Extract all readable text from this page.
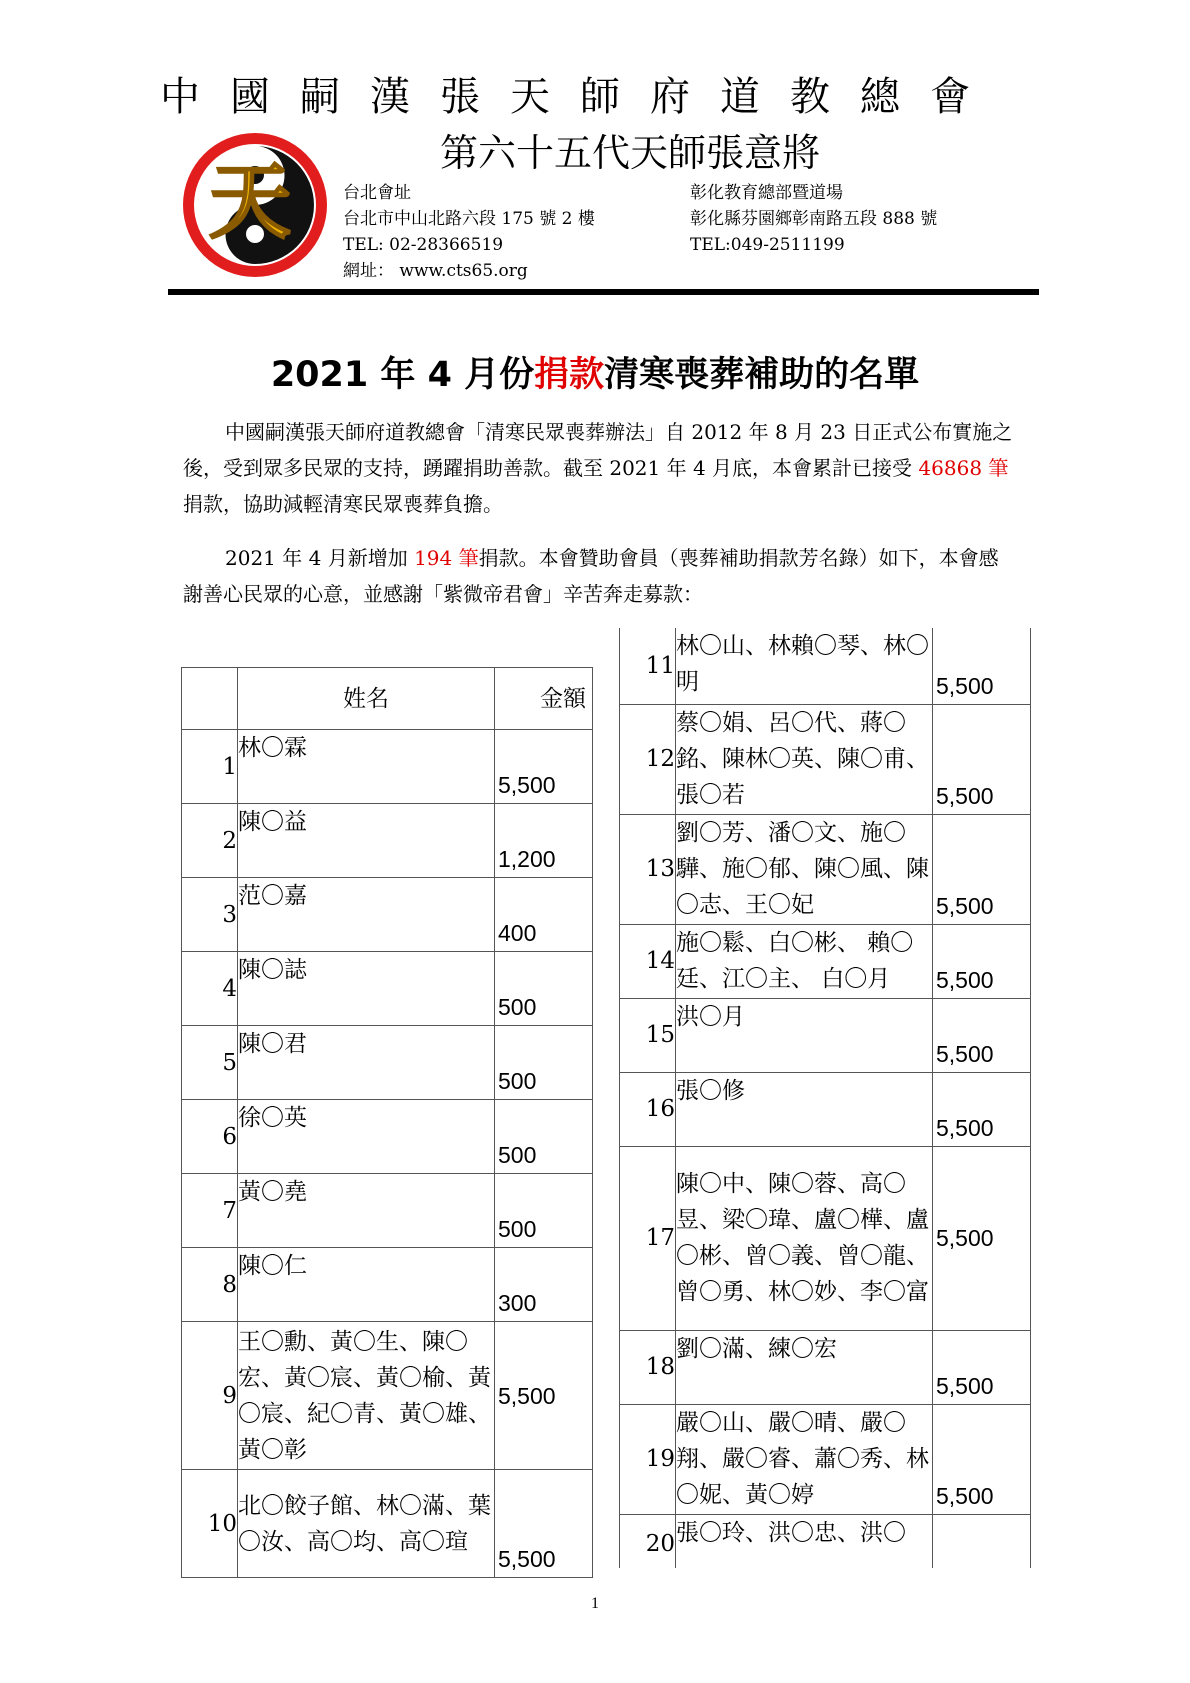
中國嗣漢張天師府道教總會
第六十五代天師張意將
天	台北會址
台北市中山北路六段 175 號 2 樓
TEL: 02-28366519
網址： www.cts65.org
彰化教育總部暨道場
彰化縣芬園鄉彰南路五段 888 號
TEL:049-2511199
2021 年 4 月份捐款清寒喪葬補助的名單
中國嗣漢張天師府道教總會「清寒民眾喪葬辦法」自 2012 年 8 月 23 日正式公布實施之後，受到眾多民眾的支持，踴躍捐助善款。截至 2021 年 4 月底，本會累計已接受 46868 筆捐款，協助減輕清寒民眾喪葬負擔。
2021 年 4 月新增加 194 筆捐款。本會贊助會員（喪葬補助捐款芳名錄）如下，本會感謝善心民眾的心意，並感謝「紫微帝君會」辛苦奔走募款：
	姓名	金額
1	林〇霖	5,500
2	陳〇益	1,200
3	范〇嘉	400
4	陳〇誌	500
5	陳〇君	500
6	徐〇英	500
7	黃〇堯	500
8	陳〇仁	300
9	王〇勳、黃〇生、陳〇宏、黃〇宸、黃〇榆、黃〇宸、紀〇青、黃〇雄、黃〇彰	5,500
10	北〇餃子館、林〇滿、葉〇汝、高〇均、高〇瑄	5,500
11	林〇山、林賴〇琴、林〇明	5,500
12	蔡〇娟、呂〇代、蔣〇銘、陳林〇英、陳〇甫、張〇若	5,500
13	劉〇芳、潘〇文、施〇驊、施〇郁、陳〇風、陳〇志、王〇妃	5,500
14	施〇鬆、白〇彬、 賴〇廷、江〇主、 白〇月	5,500
15	洪〇月	5,500
16	張〇修	5,500
17	陳〇中、陳〇蓉、高〇昱、梁〇瑋、盧〇樺、盧〇彬、曾〇義、曾〇龍、曾〇勇、林〇妙、李〇富	5,500
18	劉〇滿、練〇宏	5,500
19	嚴〇山、嚴〇晴、嚴〇翔、嚴〇睿、蕭〇秀、林〇妮、黃〇婷	5,500
20	張〇玲、洪〇忠、洪〇	
1
